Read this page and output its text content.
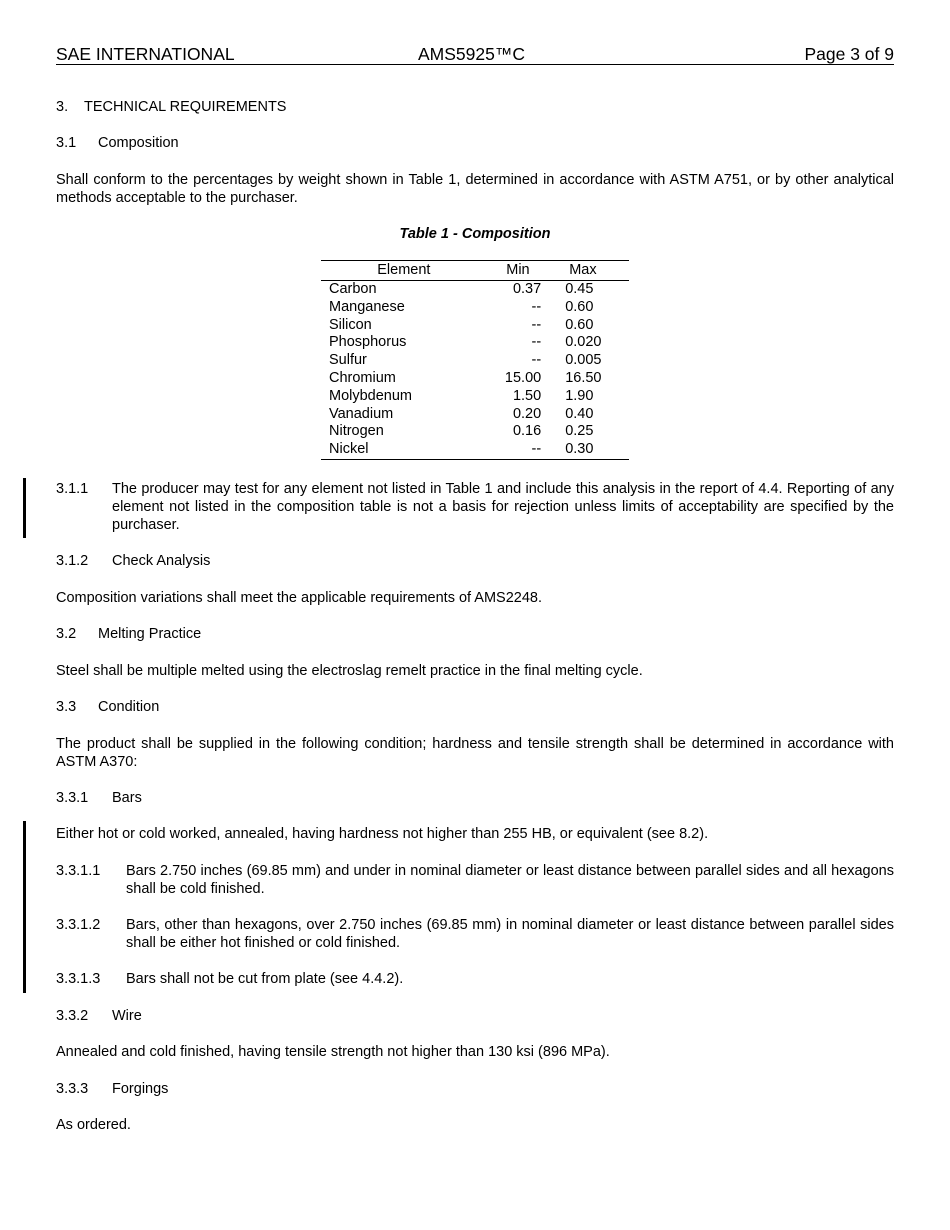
SAE INTERNATIONAL	AMS5925™C	Page 3 of 9
3. TECHNICAL REQUIREMENTS
3.1 Composition
Shall conform to the percentages by weight shown in Table 1, determined in accordance with ASTM A751, or by other analytical methods acceptable to the purchaser.
Table 1 - Composition
Element	Min	Max
Carbon	0.37	0.45
Manganese	--	0.60
Silicon	--	0.60
Phosphorus	--	0.020
Sulfur	--	0.005
Chromium	15.00	16.50
Molybdenum	1.50	1.90
Vanadium	0.20	0.40
Nitrogen	0.16	0.25
Nickel	--	0.30
3.1.1 The producer may test for any element not listed in Table 1 and include this analysis in the report of 4.4. Reporting of any element not listed in the composition table is not a basis for rejection unless limits of acceptability are specified by the purchaser.
3.1.2 Check Analysis
Composition variations shall meet the applicable requirements of AMS2248.
3.2 Melting Practice
Steel shall be multiple melted using the electroslag remelt practice in the final melting cycle.
3.3 Condition
The product shall be supplied in the following condition; hardness and tensile strength shall be determined in accordance with ASTM A370:
3.3.1 Bars
Either hot or cold worked, annealed, having hardness not higher than 255 HB, or equivalent (see 8.2).
3.3.1.1 Bars 2.750 inches (69.85 mm) and under in nominal diameter or least distance between parallel sides and all hexagons shall be cold finished.
3.3.1.2 Bars, other than hexagons, over 2.750 inches (69.85 mm) in nominal diameter or least distance between parallel sides shall be either hot finished or cold finished.
3.3.1.3 Bars shall not be cut from plate (see 4.4.2).
3.3.2 Wire
Annealed and cold finished, having tensile strength not higher than 130 ksi (896 MPa).
3.3.3 Forgings
As ordered.
